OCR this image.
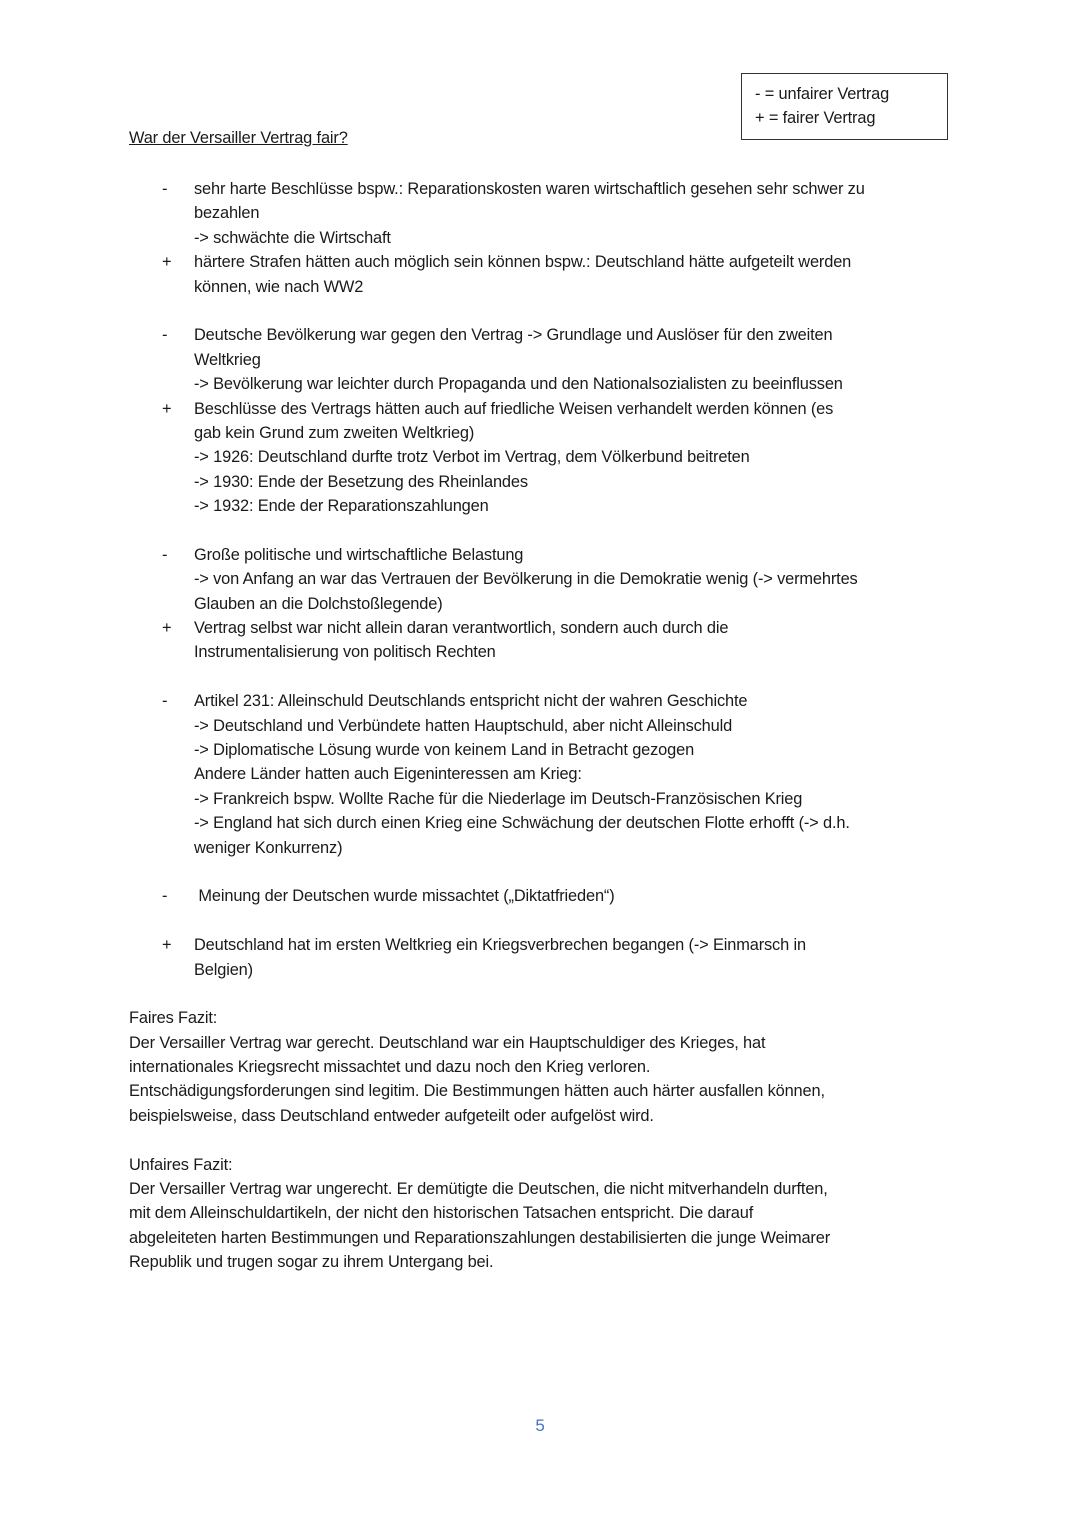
- = unfairer Vertrag
+ = fairer Vertrag
War der Versailler Vertrag fair?
- sehr harte Beschlüsse bspw.: Reparationskosten waren wirtschaftlich gesehen sehr schwer zu
bezahlen
-> schwächte die Wirtschaft
+ härtere Strafen hätten auch möglich sein können bspw.: Deutschland hätte aufgeteilt werden
können, wie nach WW2
- Deutsche Bevölkerung war gegen den Vertrag -> Grundlage und Auslöser für den zweiten
Weltkrieg
-> Bevölkerung war leichter durch Propaganda und den Nationalsozialisten zu beeinflussen
+ Beschlüsse des Vertrags hätten auch auf friedliche Weisen verhandelt werden können (es
gab kein Grund zum zweiten Weltkrieg)
-> 1926: Deutschland durfte trotz Verbot im Vertrag, dem Völkerbund beitreten
-> 1930: Ende der Besetzung des Rheinlandes
-> 1932: Ende der Reparationszahlungen
- Große politische und wirtschaftliche Belastung
-> von Anfang an war das Vertrauen der Bevölkerung in die Demokratie wenig (-> vermehrtes
Glauben an die Dolchstoßlegende)
+ Vertrag selbst war nicht allein daran verantwortlich, sondern auch durch die
Instrumentalisierung von politisch Rechten
- Artikel 231: Alleinschuld Deutschlands entspricht nicht der wahren Geschichte
-> Deutschland und Verbündete hatten Hauptschuld, aber nicht Alleinschuld
-> Diplomatische Lösung wurde von keinem Land in Betracht gezogen
Andere Länder hatten auch Eigeninteressen am Krieg:
-> Frankreich bspw. Wollte Rache für die Niederlage im Deutsch-Französischen Krieg
-> England hat sich durch einen Krieg eine Schwächung der deutschen Flotte erhofft (-> d.h.
weniger Konkurrenz)
- Meinung der Deutschen wurde missachtet („Diktatfrieden“)
+ Deutschland hat im ersten Weltkrieg ein Kriegsverbrechen begangen (-> Einmarsch in
Belgien)
Faires Fazit:
Der Versailler Vertrag war gerecht. Deutschland war ein Hauptschuldiger des Krieges, hat
internationales Kriegsrecht missachtet und dazu noch den Krieg verloren.
Entschädigungsforderungen sind legitim. Die Bestimmungen hätten auch härter ausfallen können,
beispielsweise, dass Deutschland entweder aufgeteilt oder aufgelöst wird.
Unfaires Fazit:
Der Versailler Vertrag war ungerecht. Er demütigte die Deutschen, die nicht mitverhandeln durften,
mit dem Alleinschuldartikeln, der nicht den historischen Tatsachen entspricht. Die darauf
abgeleiteten harten Bestimmungen und Reparationszahlungen destabilisierten die junge Weimarer
Republik und trugen sogar zu ihrem Untergang bei.
5
